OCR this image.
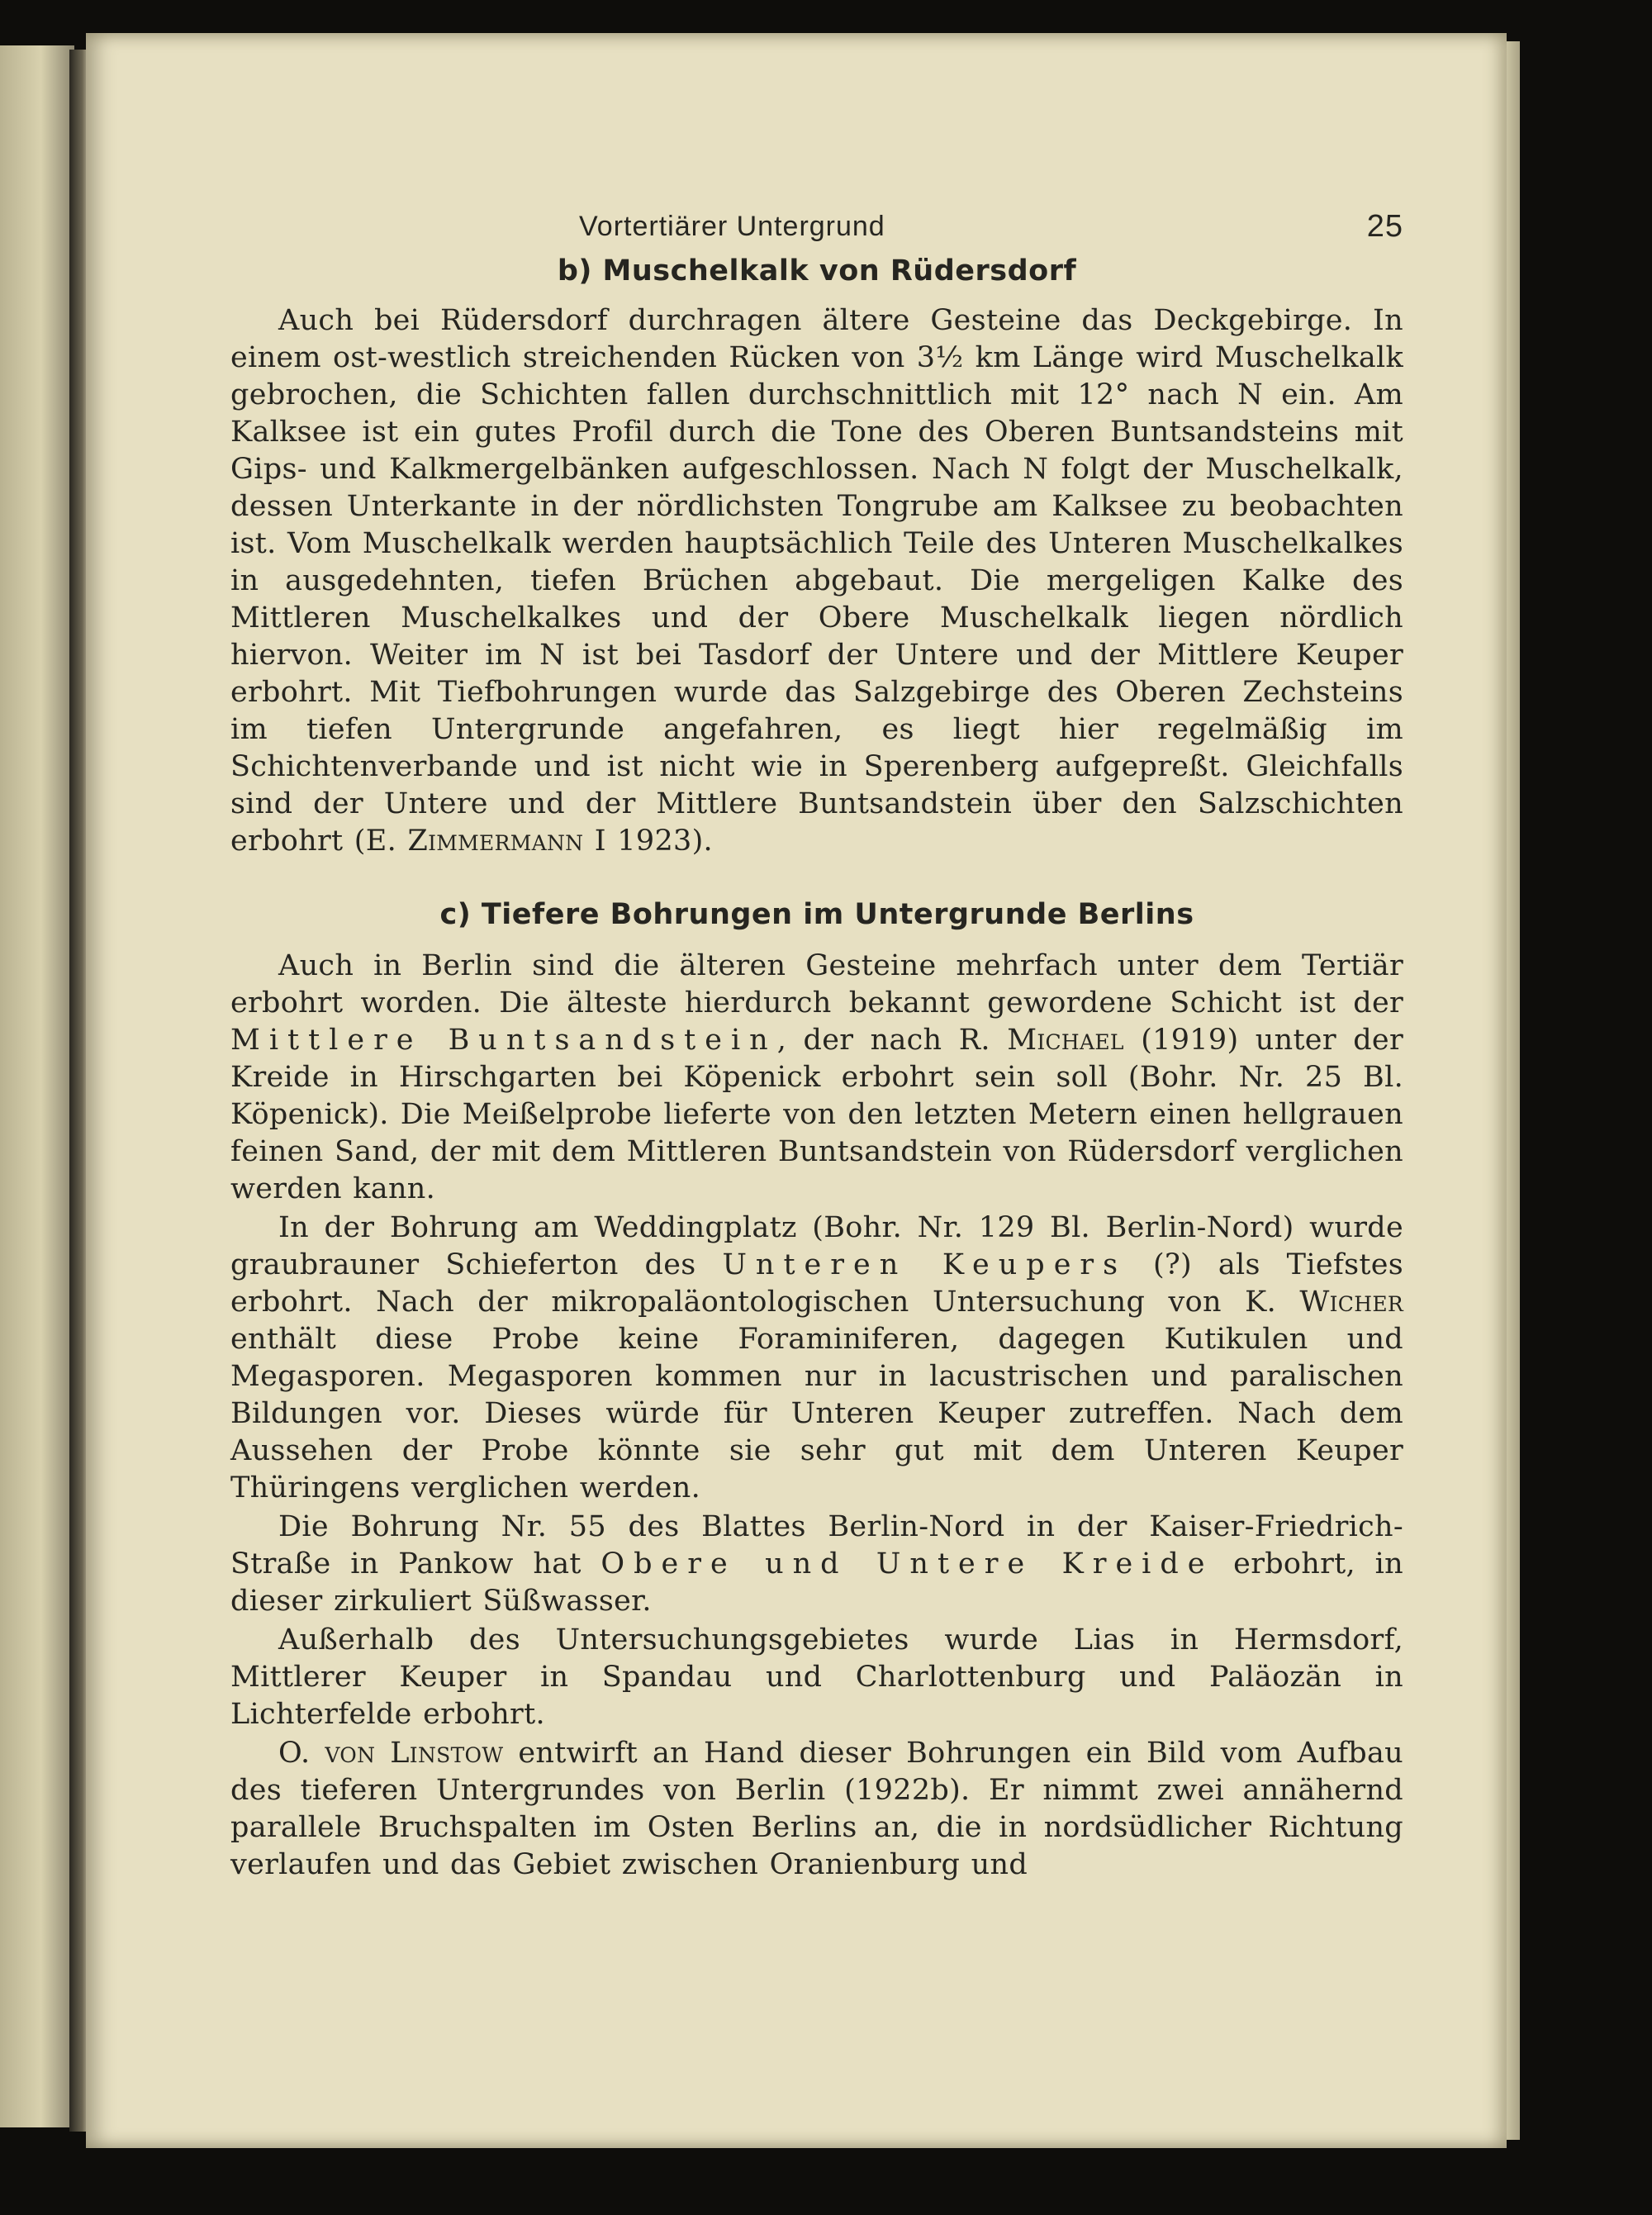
Vortertiärer Untergrund	25
b) Muschelkalk von Rüdersdorf

Auch bei Rüdersdorf durchragen ältere Gesteine das Deckgebirge. In einem ost-westlich streichenden Rücken von 3½ km Länge wird Muschelkalk gebrochen, die Schichten fallen durchschnittlich mit 12° nach N ein. Am Kalksee ist ein gutes Profil durch die Tone des Oberen Buntsandsteins mit Gips- und Kalkmergelbänken aufgeschlossen. Nach N folgt der Muschelkalk, dessen Unterkante in der nördlichsten Tongrube am Kalksee zu beobachten ist. Vom Muschelkalk werden hauptsächlich Teile des Unteren Muschelkalkes in ausgedehnten, tiefen Brüchen abgebaut. Die mergeligen Kalke des Mittleren Muschelkalkes und der Obere Muschelkalk liegen nördlich hiervon. Weiter im N ist bei Tasdorf der Untere und der Mittlere Keuper erbohrt. Mit Tiefbohrungen wurde das Salzgebirge des Oberen Zechsteins im tiefen Untergrunde angefahren, es liegt hier regelmäßig im Schichtenverbande und ist nicht wie in Sperenberg aufgepreßt. Gleichfalls sind der Untere und der Mittlere Buntsandstein über den Salzschichten erbohrt (E. Zimmermann I 1923).

c) Tiefere Bohrungen im Untergrunde Berlins

Auch in Berlin sind die älteren Gesteine mehrfach unter dem Tertiär erbohrt worden. Die älteste hierdurch bekannt gewordene Schicht ist der Mittlere Buntsandstein, der nach R. Michael (1919) unter der Kreide in Hirschgarten bei Köpenick erbohrt sein soll (Bohr. Nr. 25 Bl. Köpenick). Die Meißelprobe lieferte von den letzten Metern einen hellgrauen feinen Sand, der mit dem Mittleren Buntsandstein von Rüdersdorf verglichen werden kann.

In der Bohrung am Weddingplatz (Bohr. Nr. 129 Bl. Berlin-Nord) wurde graubrauner Schieferton des Unteren Keupers (?) als Tiefstes erbohrt. Nach der mikropaläontologischen Untersuchung von K. Wicher enthält diese Probe keine Foraminiferen, dagegen Kutikulen und Megasporen. Megasporen kommen nur in lacustrischen und paralischen Bildungen vor. Dieses würde für Unteren Keuper zutreffen. Nach dem Aussehen der Probe könnte sie sehr gut mit dem Unteren Keuper Thüringens verglichen werden.

Die Bohrung Nr. 55 des Blattes Berlin-Nord in der Kaiser-Friedrich-Straße in Pankow hat Obere und Untere Kreide erbohrt, in dieser zirkuliert Süßwasser.

Außerhalb des Untersuchungsgebietes wurde Lias in Hermsdorf, Mittlerer Keuper in Spandau und Charlottenburg und Paläozän in Lichterfelde erbohrt.

O. von Linstow entwirft an Hand dieser Bohrungen ein Bild vom Aufbau des tieferen Untergrundes von Berlin (1922b). Er nimmt zwei annähernd parallele Bruchspalten im Osten Berlins an, die in nordsüdlicher Richtung verlaufen und das Gebiet zwischen Oranienburg und
